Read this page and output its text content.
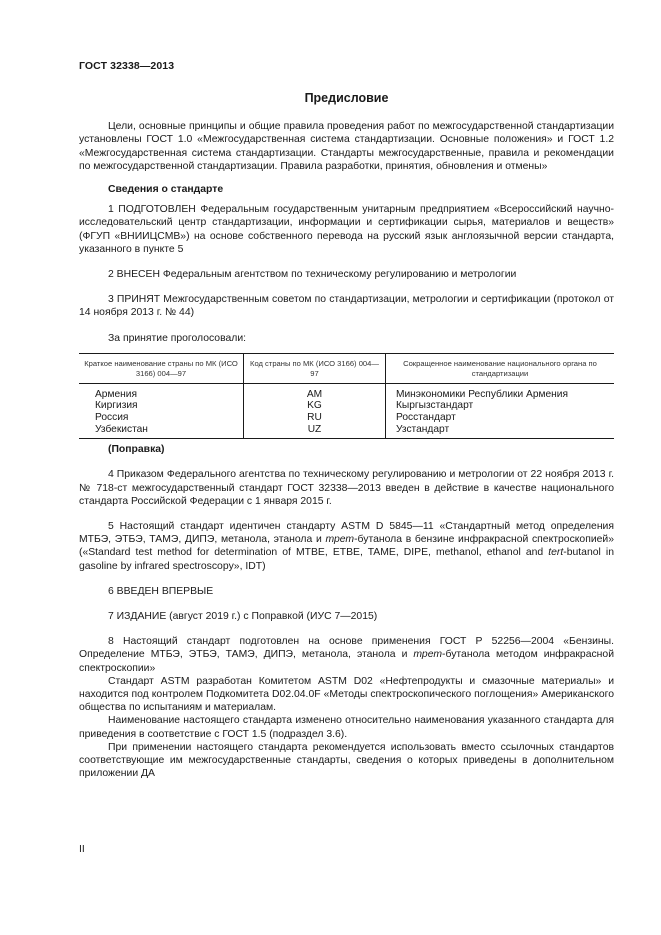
ГОСТ 32338—2013
Предисловие

Цели, основные принципы и общие правила проведения работ по межгосударственной стандартизации установлены ГОСТ 1.0 «Межгосударственная система стандартизации. Основные положения» и ГОСТ 1.2 «Межгосударственная система стандартизации. Стандарты межгосударственные, правила и рекомендации по межгосударственной стандартизации. Правила разработки, принятия, обновления и отмены»

Сведения о стандарте

1 ПОДГОТОВЛЕН Федеральным государственным унитарным предприятием «Всероссийский научно-исследовательский центр стандартизации, информации и сертификации сырья, материалов и веществ» (ФГУП «ВНИИЦСМВ») на основе собственного перевода на русский язык англоязычной версии стандарта, указанного в пункте 5

2 ВНЕСЕН Федеральным агентством по техническому регулированию и метрологии

3 ПРИНЯТ Межгосударственным советом по стандартизации, метрологии и сертификации (протокол от 14 ноября 2013 г. № 44)

За принятие проголосовали:

Краткое наименование страны по МК (ИСО 3166) 004—97	Код страны по МК (ИСО 3166) 004—97	Сокращенное наименование национального органа по стандартизации
Армения	AM	Минэкономики Республики Армения
Киргизия	KG	Кыргызстандарт
Россия	RU	Росстандарт
Узбекистан	UZ	Узстандарт
(Поправка)

4 Приказом Федерального агентства по техническому регулированию и метрологии от 22 ноября 2013 г. № 718-ст межгосударственный стандарт ГОСТ 32338—2013 введен в действие в качестве национального стандарта Российской Федерации с 1 января 2015 г.

5 Настоящий стандарт идентичен стандарту ASTM D 5845—11 «Стандартный метод определения МТБЭ, ЭТБЭ, ТАМЭ, ДИПЭ, метанола, этанола и трет-бутанола в бензине инфракрасной спектроскопией» («Standard test method for determination of MTBE, ETBE, TAME, DIPE, methanol, ethanol and tert-butanol in gasoline by infrared spectroscopy», IDT)

6 ВВЕДЕН ВПЕРВЫЕ

7 ИЗДАНИЕ (август 2019 г.) с Поправкой (ИУС 7—2015)

8 Настоящий стандарт подготовлен на основе применения ГОСТ Р 52256—2004 «Бензины. Определение МТБЭ, ЭТБЭ, ТАМЭ, ДИПЭ, метанола, этанола и трет-бутанола методом инфракрасной спектроскопии»

Стандарт ASTM разработан Комитетом ASTM D02 «Нефтепродукты и смазочные материалы» и находится под контролем Подкомитета D02.04.0F «Методы спектроскопического поглощения» Американского общества по испытаниям и материалам.

Наименование настоящего стандарта изменено относительно наименования указанного стандарта для приведения в соответствие с ГОСТ 1.5 (подраздел 3.6).

При применении настоящего стандарта рекомендуется использовать вместо ссылочных стандартов соответствующие им межгосударственные стандарты, сведения о которых приведены в дополнительном приложении ДА

II
